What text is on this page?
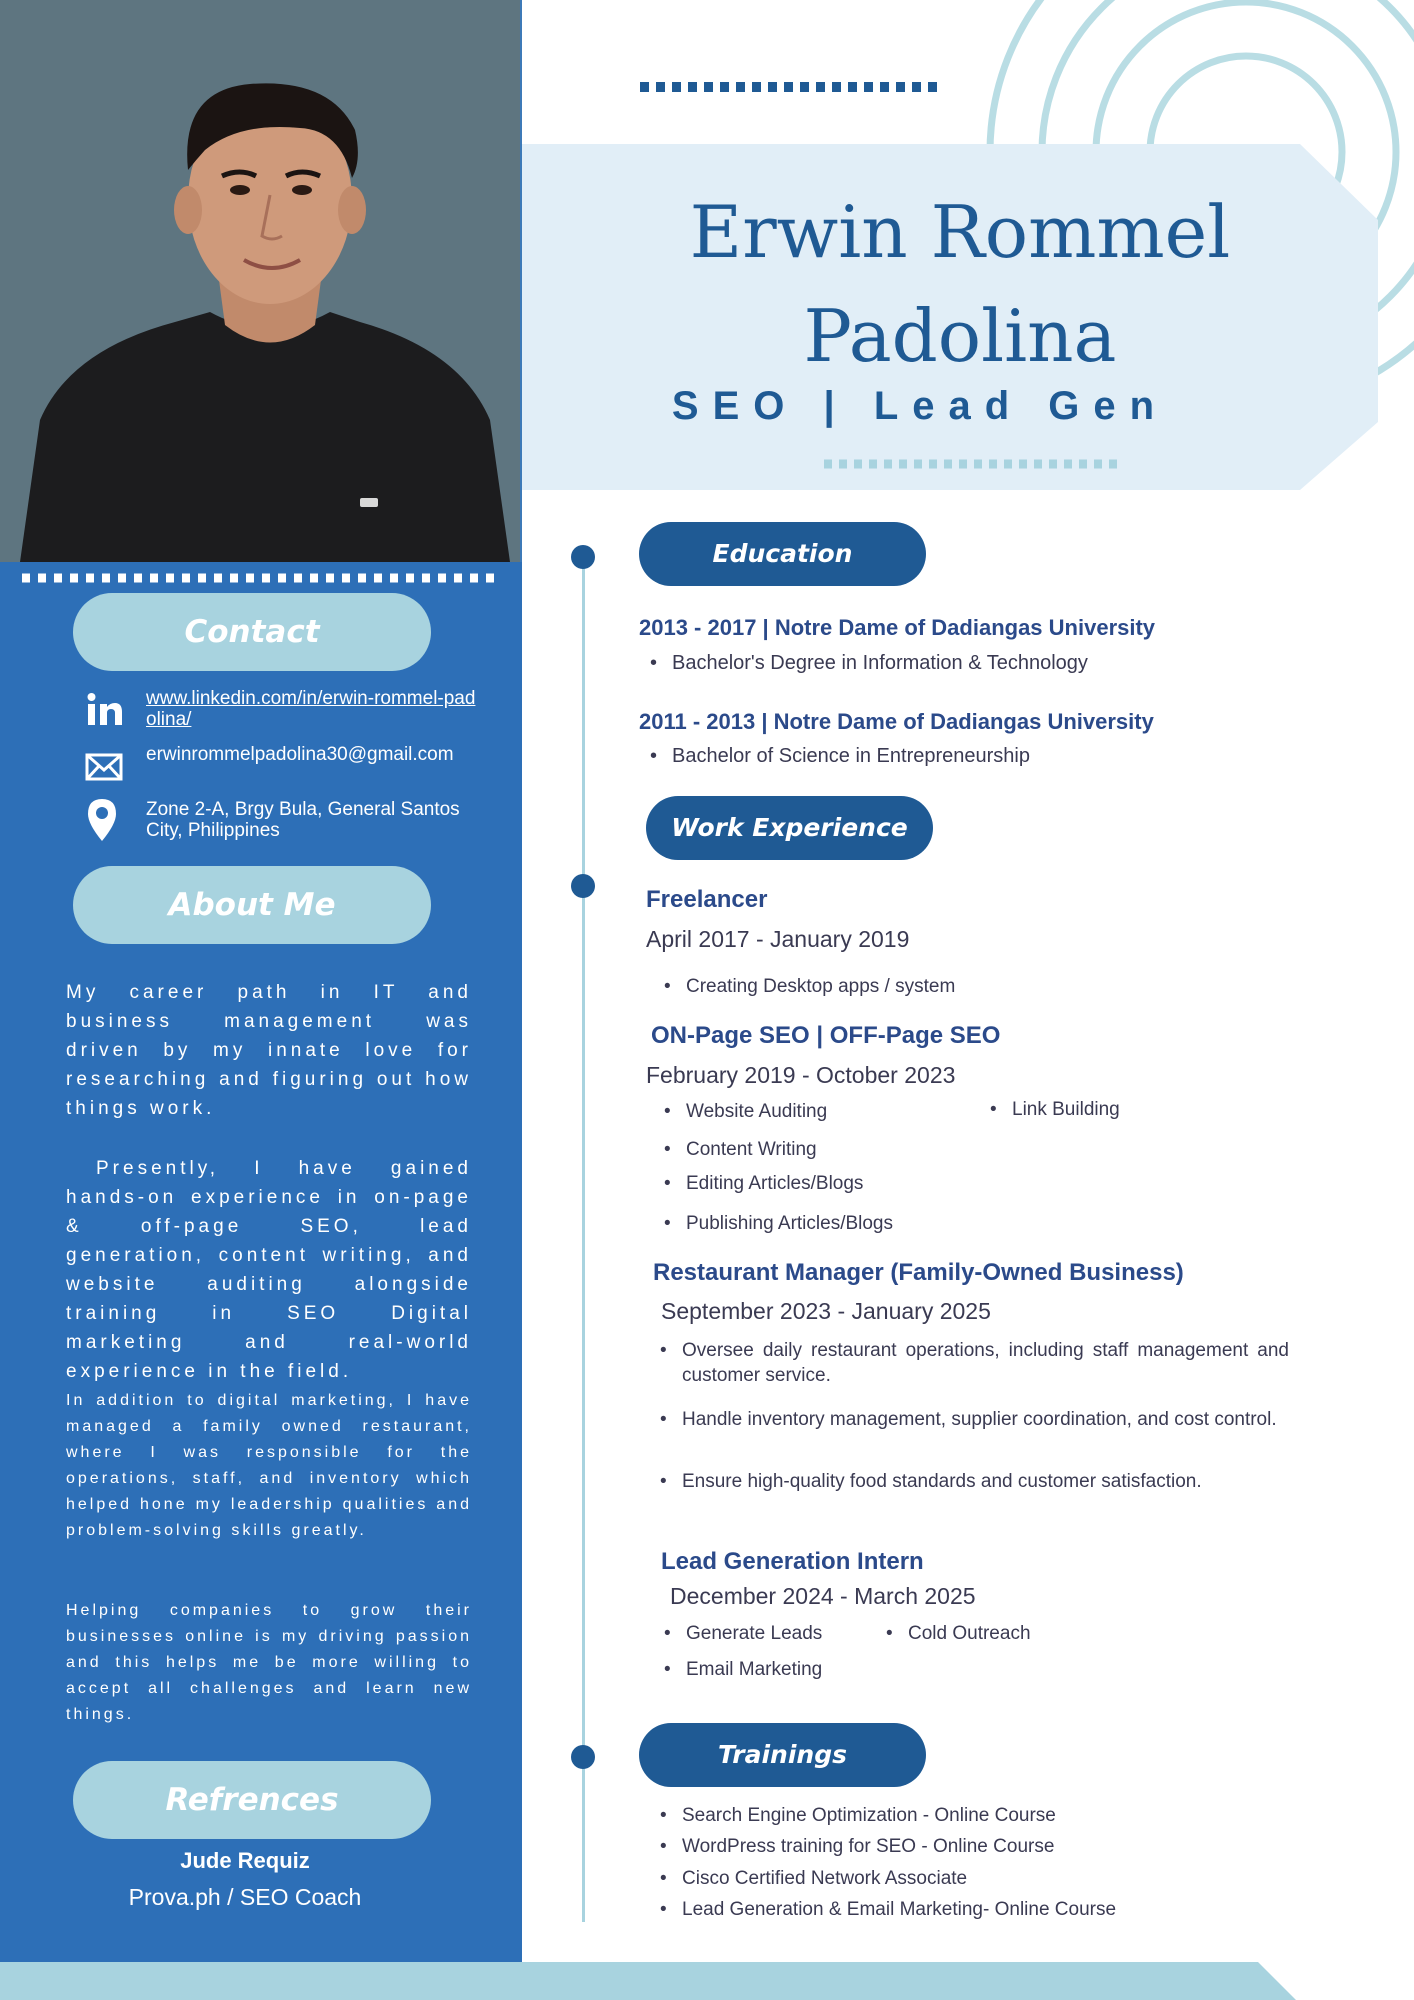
Erwin Rommel
Padolina
SEO | Lead Gen
Contact
www.linkedin.com/in/erwin-rommel-padolina/
erwinrommelpadolina30@gmail.com
Zone 2-A, Brgy Bula, General Santos City, Philippines
About Me
My career path in IT and business management was driven by my innate love for researching and figuring out how things work.
Presently, I have gained hands-on experience in on-page & off-page SEO, lead generation, content writing, and website auditing alongside training in SEO Digital marketing and real-world experience in the field.
In addition to digital marketing, I have managed a family owned restaurant, where I was responsible for the operations, staff, and inventory which helped hone my leadership qualities and problem-solving skills greatly.
Helping companies to grow their businesses online is my driving passion and this helps me be more willing to accept all challenges and learn new things.
Refrences
Jude Requiz
Prova.ph / SEO Coach
Education
2013 - 2017 | Notre Dame of Dadiangas University
• Bachelor's Degree in Information & Technology
2011 - 2013 | Notre Dame of Dadiangas University
• Bachelor of Science in Entrepreneurship
Work Experience
Freelancer
April 2017 - January 2019
• Creating Desktop apps / system
ON-Page SEO | OFF-Page SEO
February 2019 - October 2023
• Website Auditing	• Link Building
• Content Writing
• Editing Articles/Blogs
• Publishing Articles/Blogs
Restaurant Manager (Family-Owned Business)
September 2023 - January 2025
• Oversee daily restaurant operations, including staff management and customer service.
• Handle inventory management, supplier coordination, and cost control.
• Ensure high-quality food standards and customer satisfaction.
Lead Generation Intern
December 2024 - March 2025
• Generate Leads	• Cold Outreach
• Email Marketing
Trainings
• Search Engine Optimization - Online Course
• WordPress training for SEO - Online Course
• Cisco Certified Network Associate
• Lead Generation & Email Marketing- Online Course
